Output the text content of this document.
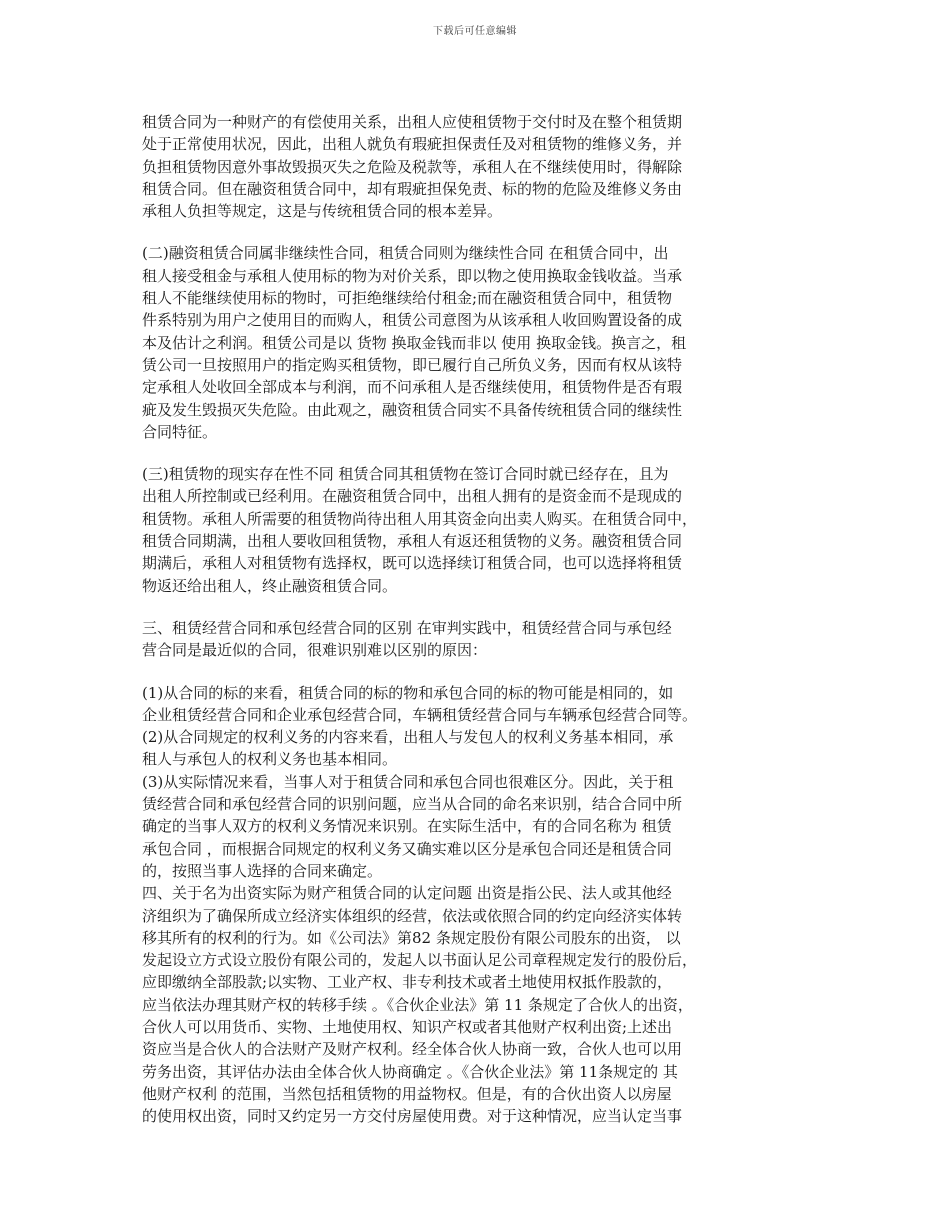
下载后可任意编辑
租赁合同为一种财产的有偿使用关系，出租人应使租赁物于交付时及在整个租赁期
处于正常使用状况，因此，出租人就负有瑕疵担保责任及对租赁物的维修义务，并
负担租赁物因意外事故毁损灭失之危险及税款等，承租人在不继续使用时，得解除
租赁合同。但在融资租赁合同中，却有瑕疵担保免责、标的物的危险及维修义务由
承租人负担等规定，这是与传统租赁合同的根本差异。
(二)融资租赁合同属非继续性合同，租赁合同则为继续性合同 在租赁合同中，出
租人接受租金与承租人使用标的物为对价关系，即以物之使用换取金钱收益。当承
租人不能继续使用标的物时，可拒绝继续给付租金;而在融资租赁合同中，租赁物
件系特别为用户之使用目的而购人，租赁公司意图为从该承租人收回购置设备的成
本及估计之利润。租赁公司是以 货物 换取金钱而非以 使用 换取金钱。换言之，租
赁公司一旦按照用户的指定购买租赁物，即已履行自己所负义务，因而有权从该特
定承租人处收回全部成本与利润，而不问承租人是否继续使用，租赁物件是否有瑕
疵及发生毁损灭失危险。由此观之，融资租赁合同实不具备传统租赁合同的继续性
合同特征。
(三)租赁物的现实存在性不同 租赁合同其租赁物在签订合同时就已经存在，且为
出租人所控制或已经利用。在融资租赁合同中，出租人拥有的是资金而不是现成的
租赁物。承租人所需要的租赁物尚待出租人用其资金向出卖人购买。在租赁合同中，
租赁合同期满，出租人要收回租赁物，承租人有返还租赁物的义务。融资租赁合同
期满后，承租人对租赁物有选择权，既可以选择续订租赁合同，也可以选择将租赁
物返还给出租人，终止融资租赁合同。
三、租赁经营合同和承包经营合同的区别 在审判实践中，租赁经营合同与承包经
营合同是最近似的合同，很难识别难以区别的原因：
(1)从合同的标的来看，租赁合同的标的物和承包合同的标的物可能是相同的，如
企业租赁经营合同和企业承包经营合同，车辆租赁经营合同与车辆承包经营合同等。
(2)从合同规定的权利义务的内容来看，出租人与发包人的权利义务基本相同，承
租人与承包人的权利义务也基本相同。
(3)从实际情况来看，当事人对于租赁合同和承包合同也很难区分。因此，关于租
赁经营合同和承包经营合同的识别问题，应当从合同的命名来识别，结合合同中所
确定的当事人双方的权利义务情况来识别。在实际生活中，有的合同名称为 租赁
承包合同 ，而根据合同规定的权利义务又确实难以区分是承包合同还是租赁合同
的，按照当事人选择的合同来确定。
四、关于名为出资实际为财产租赁合同的认定问题 出资是指公民、法人或其他经
济组织为了确保所成立经济实体组织的经营，依法或依照合同的约定向经济实体转
移其所有的权利的行为。如《公司法》第82 条规定股份有限公司股东的出资， 以
发起设立方式设立股份有限公司的，发起人以书面认足公司章程规定发行的股份后，
应即缴纳全部股款;以实物、工业产权、非专利技术或者土地使用权抵作股款的，
应当依法办理其财产权的转移手续 。《合伙企业法》第 11 条规定了合伙人的出资，
合伙人可以用货币、实物、土地使用权、知识产权或者其他财产权利出资;上述出
资应当是合伙人的合法财产及财产权利。经全体合伙人协商一致，合伙人也可以用
劳务出资，其评估办法由全体合伙人协商确定 。《合伙企业法》第 11条规定的 其
他财产权利 的范围，当然包括租赁物的用益物权。但是，有的合伙出资人以房屋
的使用权出资，同时又约定另一方交付房屋使用费。对于这种情况，应当认定当事
